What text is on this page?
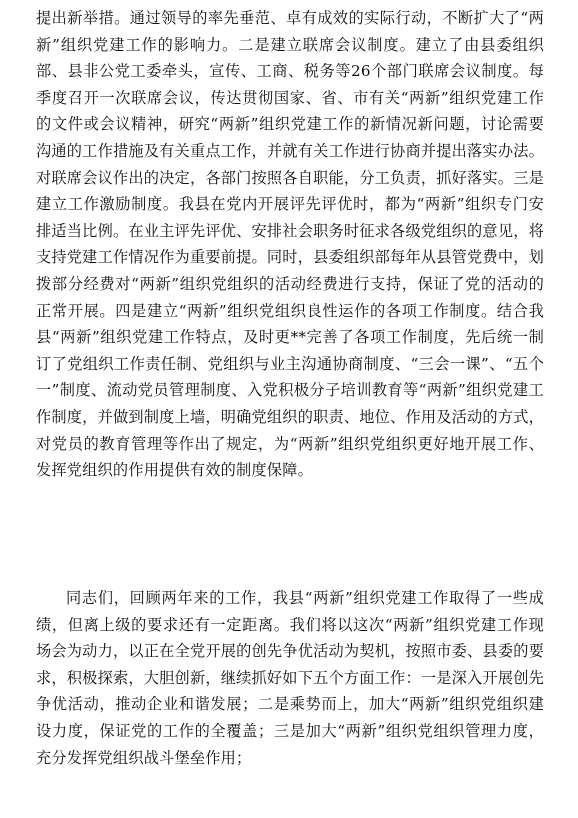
提出新举措。通过领导的率先垂范、卓有成效的实际行动，不断扩大了“两新”组织党建工作的影响力。二是建立联席会议制度。建立了由县委组织部、县非公党工委牵头，宣传、工商、税务等26个部门联席会议制度。每季度召开一次联席会议，传达贯彻国家、省、市有关“两新”组织党建工作的文件或会议精神，研究“两新”组织党建工作的新情况新问题，讨论需要沟通的工作措施及有关重点工作，并就有关工作进行协商并提出落实办法。对联席会议作出的决定，各部门按照各自职能，分工负责，抓好落实。三是建立工作激励制度。我县在党内开展评先评优时，都为“两新”组织专门安排适当比例。在业主评先评优、安排社会职务时征求各级党组织的意见，将支持党建工作情况作为重要前提。同时，县委组织部每年从县管党费中，划拨部分经费对“两新”组织党组织的活动经费进行支持，保证了党的活动的正常开展。四是建立“两新”组织党组织良性运作的各项工作制度。结合我县“两新”组织党建工作特点，及时更**完善了各项工作制度，先后统一制订了党组织工作责任制、党组织与业主沟通协商制度、“三会一课”、“五个一”制度、流动党员管理制度、入党积极分子培训教育等“两新”组织党建工作制度，并做到制度上墙，明确党组织的职责、地位、作用及活动的方式，对党员的教育管理等作出了规定，为“两新”组织党组织更好地开展工作、发挥党组织的作用提供有效的制度保障。
同志们，回顾两年来的工作，我县“两新”组织党建工作取得了一些成绩，但离上级的要求还有一定距离。我们将以这次“两新”组织党建工作现场会为动力，以正在全党开展的创先争优活动为契机，按照市委、县委的要求，积极探索，大胆创新，继续抓好如下五个方面工作：一是深入开展创先争优活动，推动企业和谐发展；二是乘势而上，加大“两新”组织党组织建设力度，保证党的工作的全覆盖；三是加大“两新”组织党组织管理力度，充分发挥党组织战斗堡垒作用；
